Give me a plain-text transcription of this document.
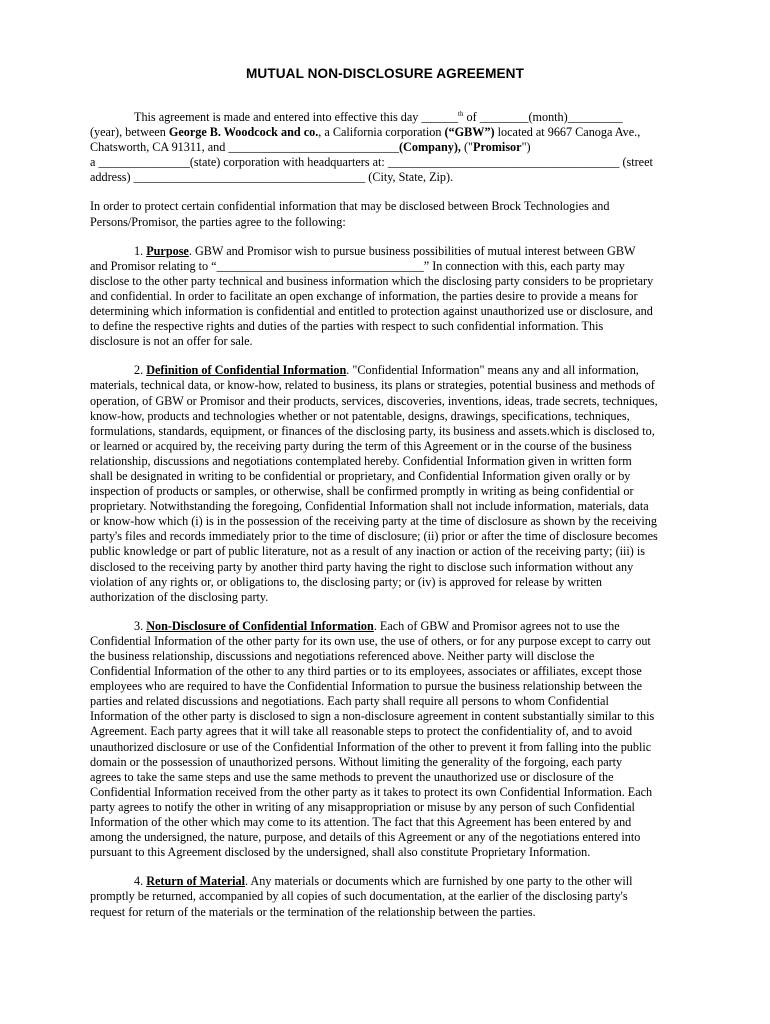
MUTUAL NON-DISCLOSURE AGREEMENT

This agreement is made and entered into effective this day ______$^{th}$ of ________(month)_________
(year), between George B. Woodcock and co., a California corporation (“GBW”) located at 9667 Canoga Ave.,
Chatsworth, CA 91311, and ____________________________(Company), ("Promisor")
a _______________(state) corporation with headquarters at: ______________________________________ (street
address) ______________________________________ (City, State, Zip).

In order to protect certain confidential information that may be disclosed between Brock Technologies and
Persons/Promisor, the parties agree to the following:

1. Purpose. GBW and Promisor wish to pursue business possibilities of mutual interest between GBW
and Promisor relating to “__________________________________” In connection with this, each party may
disclose to the other party technical and business information which the disclosing party considers to be proprietary
and confidential. In order to facilitate an open exchange of information, the parties desire to provide a means for
determining which information is confidential and entitled to protection against unauthorized use or disclosure, and
to define the respective rights and duties of the parties with respect to such confidential information. This
disclosure is not an offer for sale.

2. Definition of Confidential Information. "Confidential Information" means any and all information,
materials, technical data, or know-how, related to business, its plans or strategies, potential business and methods of
operation, of GBW or Promisor and their products, services, discoveries, inventions, ideas, trade secrets, techniques,
know-how, products and technologies whether or not patentable, designs, drawings, specifications, techniques,
formulations, standards, equipment, or finances of the disclosing party, its business and assets.which is disclosed to,
or learned or acquired by, the receiving party during the term of this Agreement or in the course of the business
relationship, discussions and negotiations contemplated hereby. Confidential Information given in written form
shall be designated in writing to be confidential or proprietary, and Confidential Information given orally or by
inspection of products or samples, or otherwise, shall be confirmed promptly in writing as being confidential or
proprietary. Notwithstanding the foregoing, Confidential Information shall not include information, materials, data
or know-how which (i) is in the possession of the receiving party at the time of disclosure as shown by the receiving
party's files and records immediately prior to the time of disclosure; (ii) prior or after the time of disclosure becomes
public knowledge or part of public literature, not as a result of any inaction or action of the receiving party; (iii) is
disclosed to the receiving party by another third party having the right to disclose such information without any
violation of any rights or, or obligations to, the disclosing party; or (iv) is approved for release by written
authorization of the disclosing party.

3. Non-Disclosure of Confidential Information. Each of GBW and Promisor agrees not to use the
Confidential Information of the other party for its own use, the use of others, or for any purpose except to carry out
the business relationship, discussions and negotiations referenced above. Neither party will disclose the
Confidential Information of the other to any third parties or to its employees, associates or affiliates, except those
employees who are required to have the Confidential Information to pursue the business relationship between the
parties and related discussions and negotiations. Each party shall require all persons to whom Confidential
Information of the other party is disclosed to sign a non-disclosure agreement in content substantially similar to this
Agreement. Each party agrees that it will take all reasonable steps to protect the confidentiality of, and to avoid
unauthorized disclosure or use of the Confidential Information of the other to prevent it from falling into the public
domain or the possession of unauthorized persons. Without limiting the generality of the forgoing, each party
agrees to take the same steps and use the same methods to prevent the unauthorized use or disclosure of the
Confidential Information received from the other party as it takes to protect its own Confidential Information. Each
party agrees to notify the other in writing of any misappropriation or misuse by any person of such Confidential
Information of the other which may come to its attention. The fact that this Agreement has been entered by and
among the undersigned, the nature, purpose, and details of this Agreement or any of the negotiations entered into
pursuant to this Agreement disclosed by the undersigned, shall also constitute Proprietary Information.

4. Return of Material. Any materials or documents which are furnished by one party to the other will
promptly be returned, accompanied by all copies of such documentation, at the earlier of the disclosing party's
request for return of the materials or the termination of the relationship between the parties.
